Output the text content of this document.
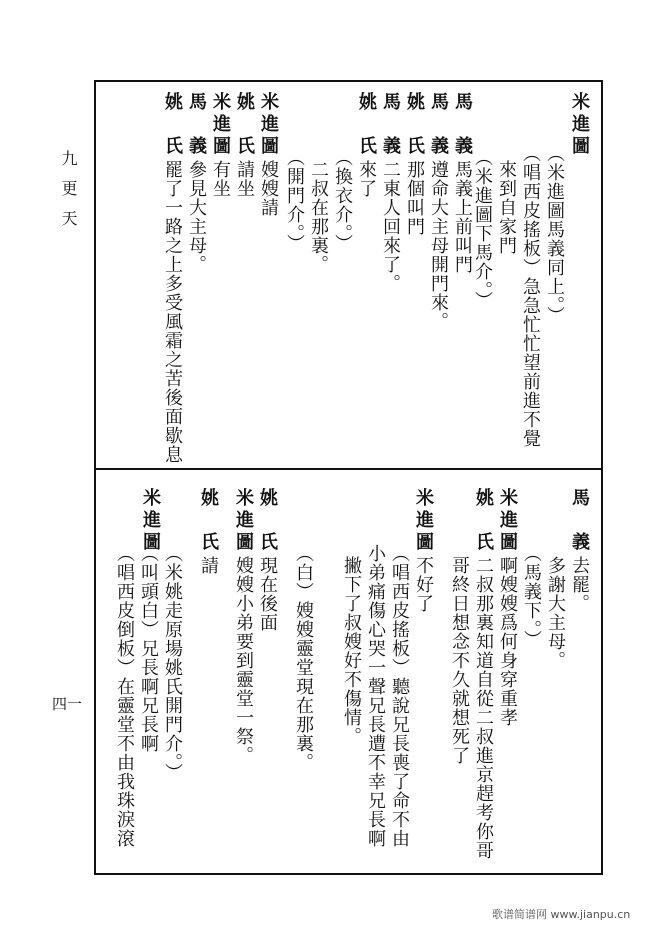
九更天
四一
米進圖
（米進圖馬義同上。）
（唱西皮搖板）急急忙忙望前進不覺
來到自家門
（米進圖下馬介。）
馬　義
馬義上前叫門
馬　義
遵命大主母開門來。
姚　氏
那個叫門
馬　義
二東人回來了。
姚　氏
來了
（換衣介。）
二叔在那裏。
（開門介。）
米進圖
嫂嫂請
姚　氏
請坐
米進圖
有坐
馬　義
參見大主母。
姚　氏
罷了一路之上多受風霜之苦後面歇息
馬　義
去罷。
多謝大主母。
（馬義下。）
米進圖
啊嫂嫂爲何身穿重孝
姚　氏
二叔那裏知道自從二叔進京趕考你哥
哥終日想念不久就想死了
米進圖
不好了
（唱西皮搖板）聽說兄長喪了命不由
小弟痛傷心哭一聲兄長遭不幸兄長啊
撇下了叔嫂好不傷情。
（白）嫂嫂靈堂現在那裏。
姚　氏
現在後面
米進圖
嫂嫂小弟要到靈堂一祭。
姚　氏
請
米進圖
（米姚走原場姚氏開門介。）
（叫頭白）兄長啊兄長啊
（唱西皮倒板）在靈堂不由我珠淚滾
歌谱简谱网 www.jianpu.cn
